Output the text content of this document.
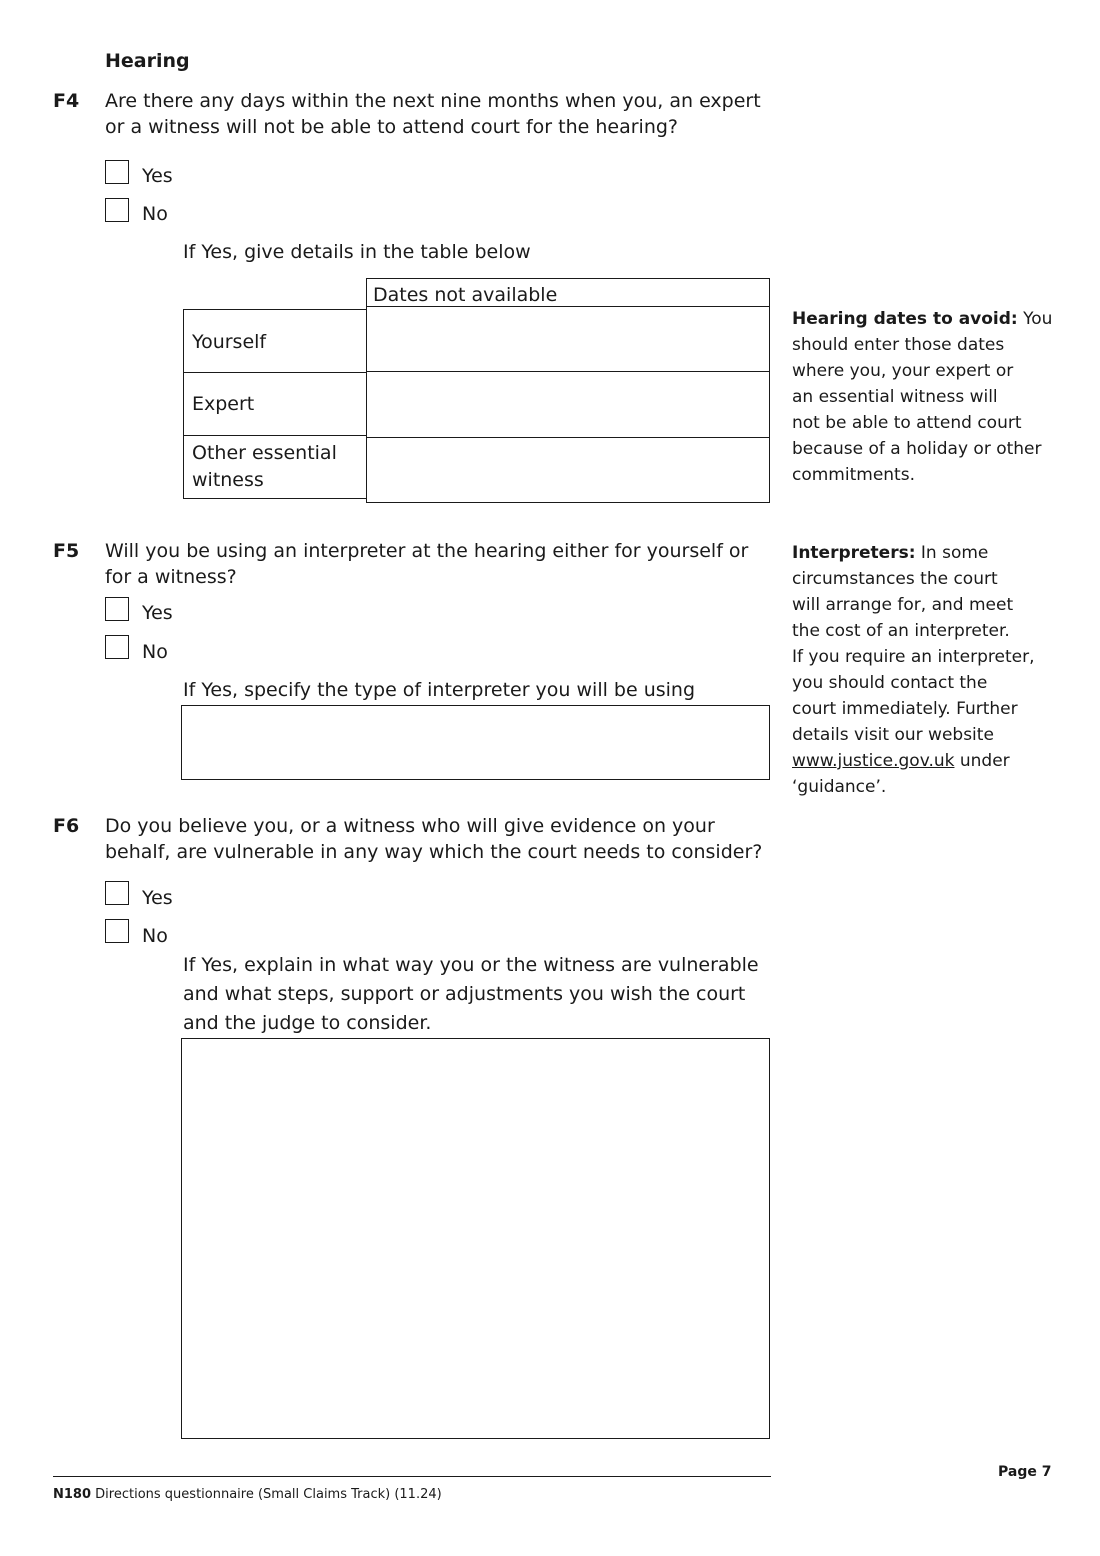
Hearing
F4 Are there any days within the next nine months when you, an expert
or a witness will not be able to attend court for the hearing?
Yes
No
If Yes, give details in the table below
Dates not available
Yourself
Expert
Other essential
witness
Hearing dates to avoid: You
should enter those dates
where you, your expert or
an essential witness will
not be able to attend court
because of a holiday or other
commitments.
F5 Will you be using an interpreter at the hearing either for yourself or
for a witness?
Yes
No
If Yes, specify the type of interpreter you will be using
Interpreters: In some
circumstances the court
will arrange for, and meet
the cost of an interpreter.
If you require an interpreter,
you should contact the
court immediately. Further
details visit our website
www.justice.gov.uk under
‘guidance’.
F6 Do you believe you, or a witness who will give evidence on your
behalf, are vulnerable in any way which the court needs to consider?
Yes
No
If Yes, explain in what way you or the witness are vulnerable
and what steps, support or adjustments you wish the court
and the judge to consider.
N180 Directions questionnaire (Small Claims Track) (11.24)
Page 7
